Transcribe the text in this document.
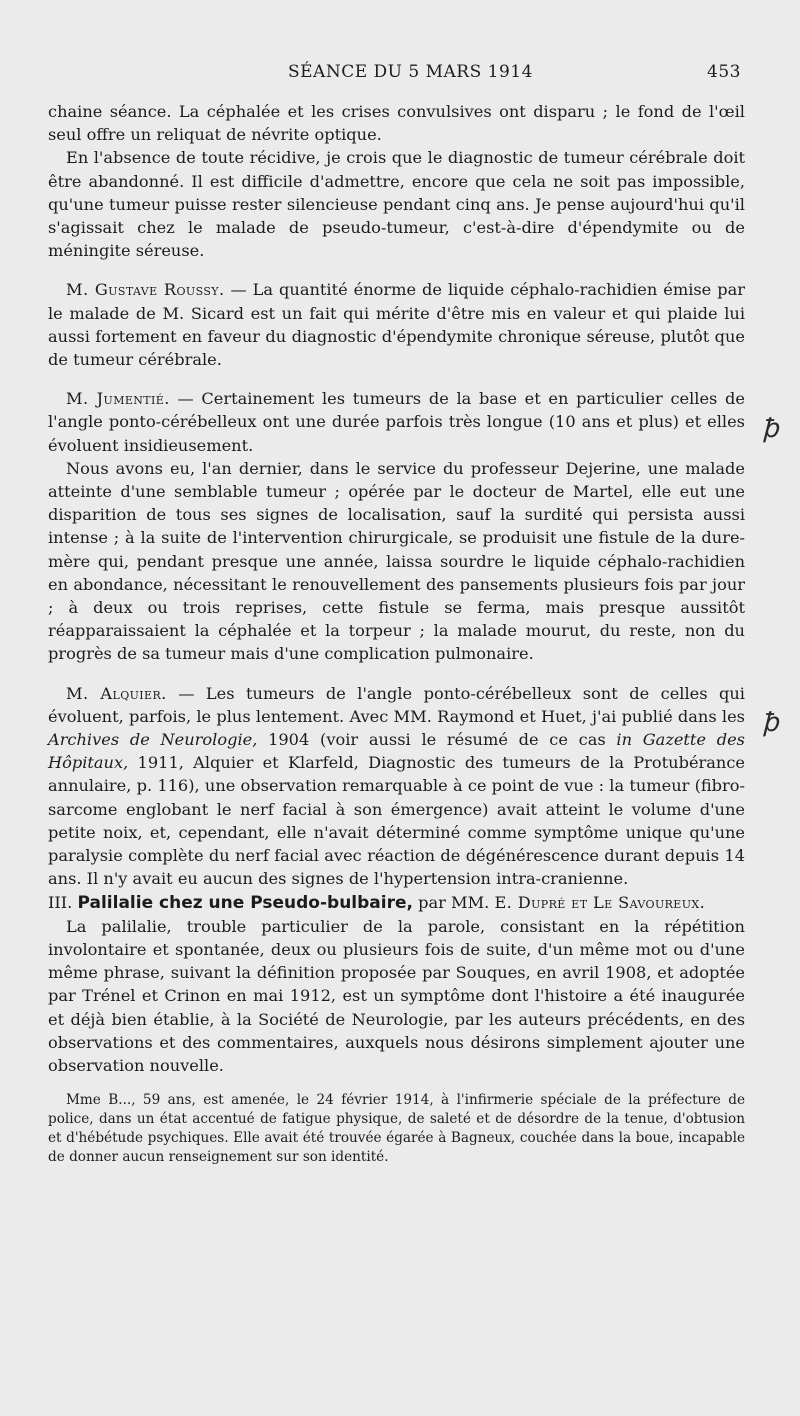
SÉANCE DU 5 MARS 1914	453
ꝥ
ꝥ

chaine séance. La céphalée et les crises convulsives ont disparu ; le fond de l'œil seul offre un reliquat de névrite optique.

En l'absence de toute récidive, je crois que le diagnostic de tumeur cérébrale doit être abandonné. Il est difficile d'admettre, encore que cela ne soit pas impossible, qu'une tumeur puisse rester silencieuse pendant cinq ans. Je pense aujourd'hui qu'il s'agissait chez le malade de pseudo-tumeur, c'est-à-dire d'épendymite ou de méningite séreuse.

M. Gustave Roussy. — La quantité énorme de liquide céphalo-rachidien émise par le malade de M. Sicard est un fait qui mérite d'être mis en valeur et qui plaide lui aussi fortement en faveur du diagnostic d'épendymite chronique séreuse, plutôt que de tumeur cérébrale.

M. Jumentié. — Certainement les tumeurs de la base et en particulier celles de l'angle ponto-cérébelleux ont une durée parfois très longue (10 ans et plus) et elles évoluent insidieusement.

Nous avons eu, l'an dernier, dans le service du professeur Dejerine, une malade atteinte d'une semblable tumeur ; opérée par le docteur de Martel, elle eut une disparition de tous ses signes de localisation, sauf la surdité qui persista aussi intense ; à la suite de l'intervention chirurgicale, se produisit une fistule de la dure-mère qui, pendant presque une année, laissa sourdre le liquide céphalo-rachidien en abondance, nécessitant le renouvellement des pansements plusieurs fois par jour ; à deux ou trois reprises, cette fistule se ferma, mais presque aussitôt réapparaissaient la céphalée et la torpeur ; la malade mourut, du reste, non du progrès de sa tumeur mais d'une complication pulmonaire.

M. Alquier. — Les tumeurs de l'angle ponto-cérébelleux sont de celles qui évoluent, parfois, le plus lentement. Avec MM. Raymond et Huet, j'ai publié dans les Archives de Neurologie, 1904 (voir aussi le résumé de ce cas in Gazette des Hôpitaux, 1911, Alquier et Klarfeld, Diagnostic des tumeurs de la Protubérance annulaire, p. 116), une observation remarquable à ce point de vue : la tumeur (fibro-sarcome englobant le nerf facial à son émergence) avait atteint le volume d'une petite noix, et, cependant, elle n'avait déterminé comme symptôme unique qu'une paralysie complète du nerf facial avec réaction de dégénérescence durant depuis 14 ans. Il n'y avait eu aucun des signes de l'hypertension intra-cranienne.

III. Palilalie chez une Pseudo-bulbaire, par MM. E. Dupré et Le Savoureux.

La palilalie, trouble particulier de la parole, consistant en la répétition involontaire et spontanée, deux ou plusieurs fois de suite, d'un même mot ou d'une même phrase, suivant la définition proposée par Souques, en avril 1908, et adoptée par Trénel et Crinon en mai 1912, est un symptôme dont l'histoire a été inaugurée et déjà bien établie, à la Société de Neurologie, par les auteurs précédents, en des observations et des commentaires, auxquels nous désirons simplement ajouter une observation nouvelle.

Mme B..., 59 ans, est amenée, le 24 février 1914, à l'infirmerie spéciale de la préfecture de police, dans un état accentué de fatigue physique, de saleté et de désordre de la tenue, d'obtusion et d'hébétude psychiques. Elle avait été trouvée égarée à Bagneux, couchée dans la boue, incapable de donner aucun renseignement sur son identité.
